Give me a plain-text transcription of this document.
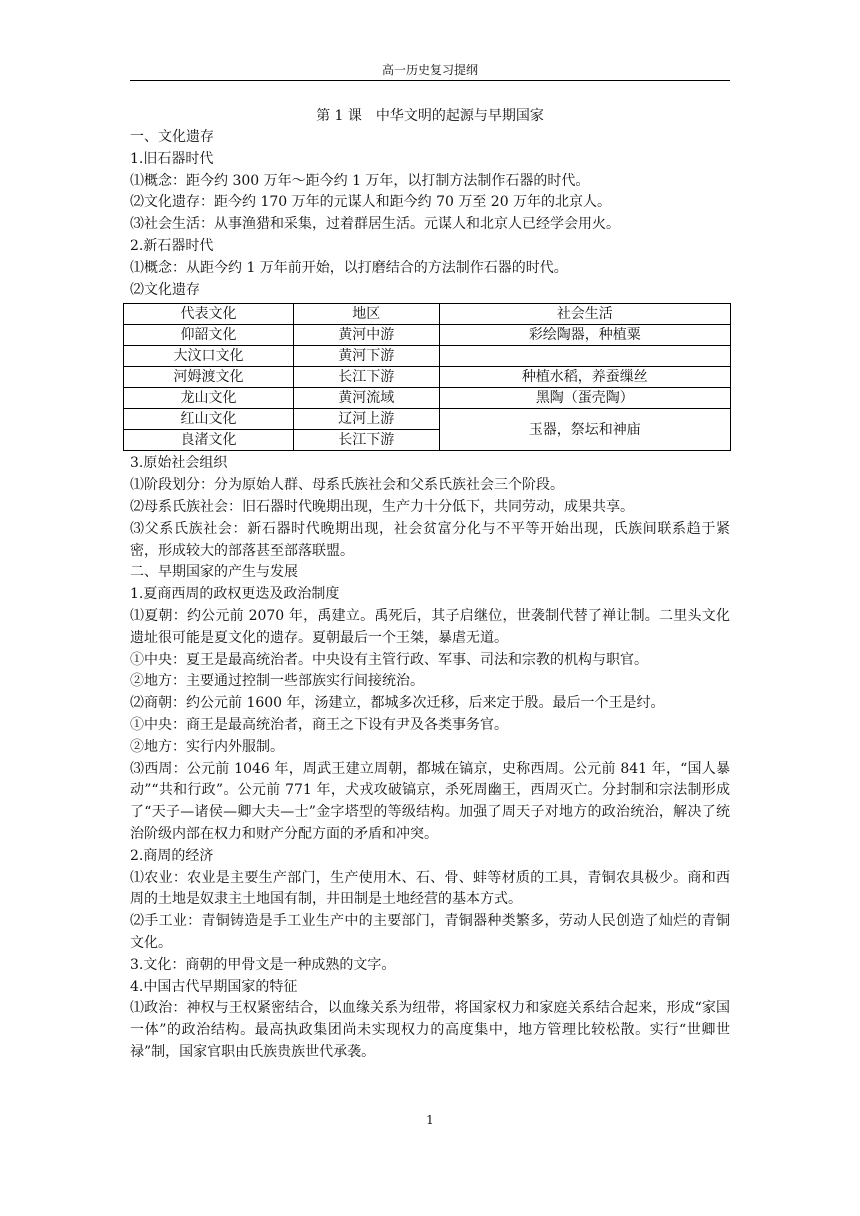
高一历史复习提纲
第 1 课　中华文明的起源与早期国家

一、文化遗存

1.旧石器时代

⑴概念：距今约 300 万年～距今约 1 万年，以打制方法制作石器的时代。

⑵文化遗存：距今约 170 万年的元谋人和距今约 70 万至 20 万年的北京人。

⑶社会生活：从事渔猎和采集，过着群居生活。元谋人和北京人已经学会用火。

2.新石器时代

⑴概念：从距今约 1 万年前开始，以打磨结合的方法制作石器的时代。

⑵文化遗存

代表文化	地区	社会生活
仰韶文化	黄河中游	彩绘陶器，种植粟
大汶口文化	黄河下游	
河姆渡文化	长江下游	种植水稻，养蚕缫丝
龙山文化	黄河流域	黑陶（蛋壳陶）
红山文化	辽河上游	玉器，祭坛和神庙
良渚文化	长江下游	

3.原始社会组织

⑴阶段划分：分为原始人群、母系氏族社会和父系氏族社会三个阶段。

⑵母系氏族社会：旧石器时代晚期出现，生产力十分低下，共同劳动，成果共享。

⑶父系氏族社会：新石器时代晚期出现，社会贫富分化与不平等开始出现，氏族间联系趋于紧密，形成较大的部落甚至部落联盟。

二、早期国家的产生与发展

1.夏商西周的政权更迭及政治制度

⑴夏朝：约公元前 2070 年，禹建立。禹死后，其子启继位，世袭制代替了禅让制。二里头文化遗址很可能是夏文化的遗存。夏朝最后一个王桀，暴虐无道。

①中央：夏王是最高统治者。中央设有主管行政、军事、司法和宗教的机构与职官。

②地方：主要通过控制一些部族实行间接统治。

⑵商朝：约公元前 1600 年，汤建立，都城多次迁移，后来定于殷。最后一个王是纣。

①中央：商王是最高统治者，商王之下设有尹及各类事务官。

②地方：实行内外服制。

⑶西周：公元前 1046 年，周武王建立周朝，都城在镐京，史称西周。公元前 841 年，“国人暴动”“共和行政”。公元前 771 年，犬戎攻破镐京，杀死周幽王，西周灭亡。分封制和宗法制形成了“天子—诸侯—卿大夫—士”金字塔型的等级结构。加强了周天子对地方的政治统治，解决了统治阶级内部在权力和财产分配方面的矛盾和冲突。

2.商周的经济

⑴农业：农业是主要生产部门，生产使用木、石、骨、蚌等材质的工具，青铜农具极少。商和西周的土地是奴隶主土地国有制，井田制是土地经营的基本方式。

⑵手工业：青铜铸造是手工业生产中的主要部门，青铜器种类繁多，劳动人民创造了灿烂的青铜文化。

3.文化：商朝的甲骨文是一种成熟的文字。

4.中国古代早期国家的特征

⑴政治：神权与王权紧密结合，以血缘关系为纽带，将国家权力和家庭关系结合起来，形成“家国一体”的政治结构。最高执政集团尚未实现权力的高度集中，地方管理比较松散。实行“世卿世禄”制，国家官职由氏族贵族世代承袭。

1
